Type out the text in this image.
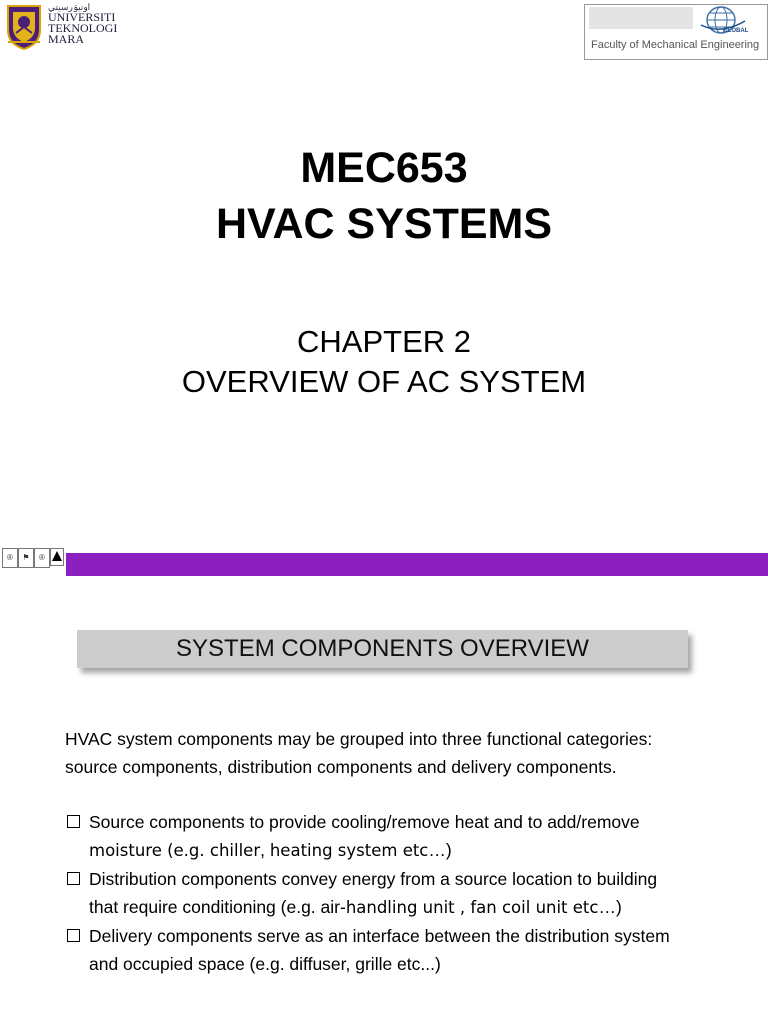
اونيۏرسيتي
UNIVERSITI
TEKNOLOGI
MARA
GLOBAL
Faculty of Mechanical Engineering
MEC653
HVAC SYSTEMS
CHAPTER 2
OVERVIEW OF AC SYSTEM
®	⚑	®
SYSTEM COMPONENTS OVERVIEW
HVAC system components may be grouped into three functional categories:
source components, distribution components and delivery components.
Source components to provide cooling/remove heat and to add/remove
moisture (e.g. chiller, heating system etc…)
Distribution components convey energy from a source location to building
that require conditioning (e.g. air-handling unit , fan coil unit etc…)
Delivery components serve as an interface between the distribution system
and occupied space (e.g. diffuser, grille etc...)
